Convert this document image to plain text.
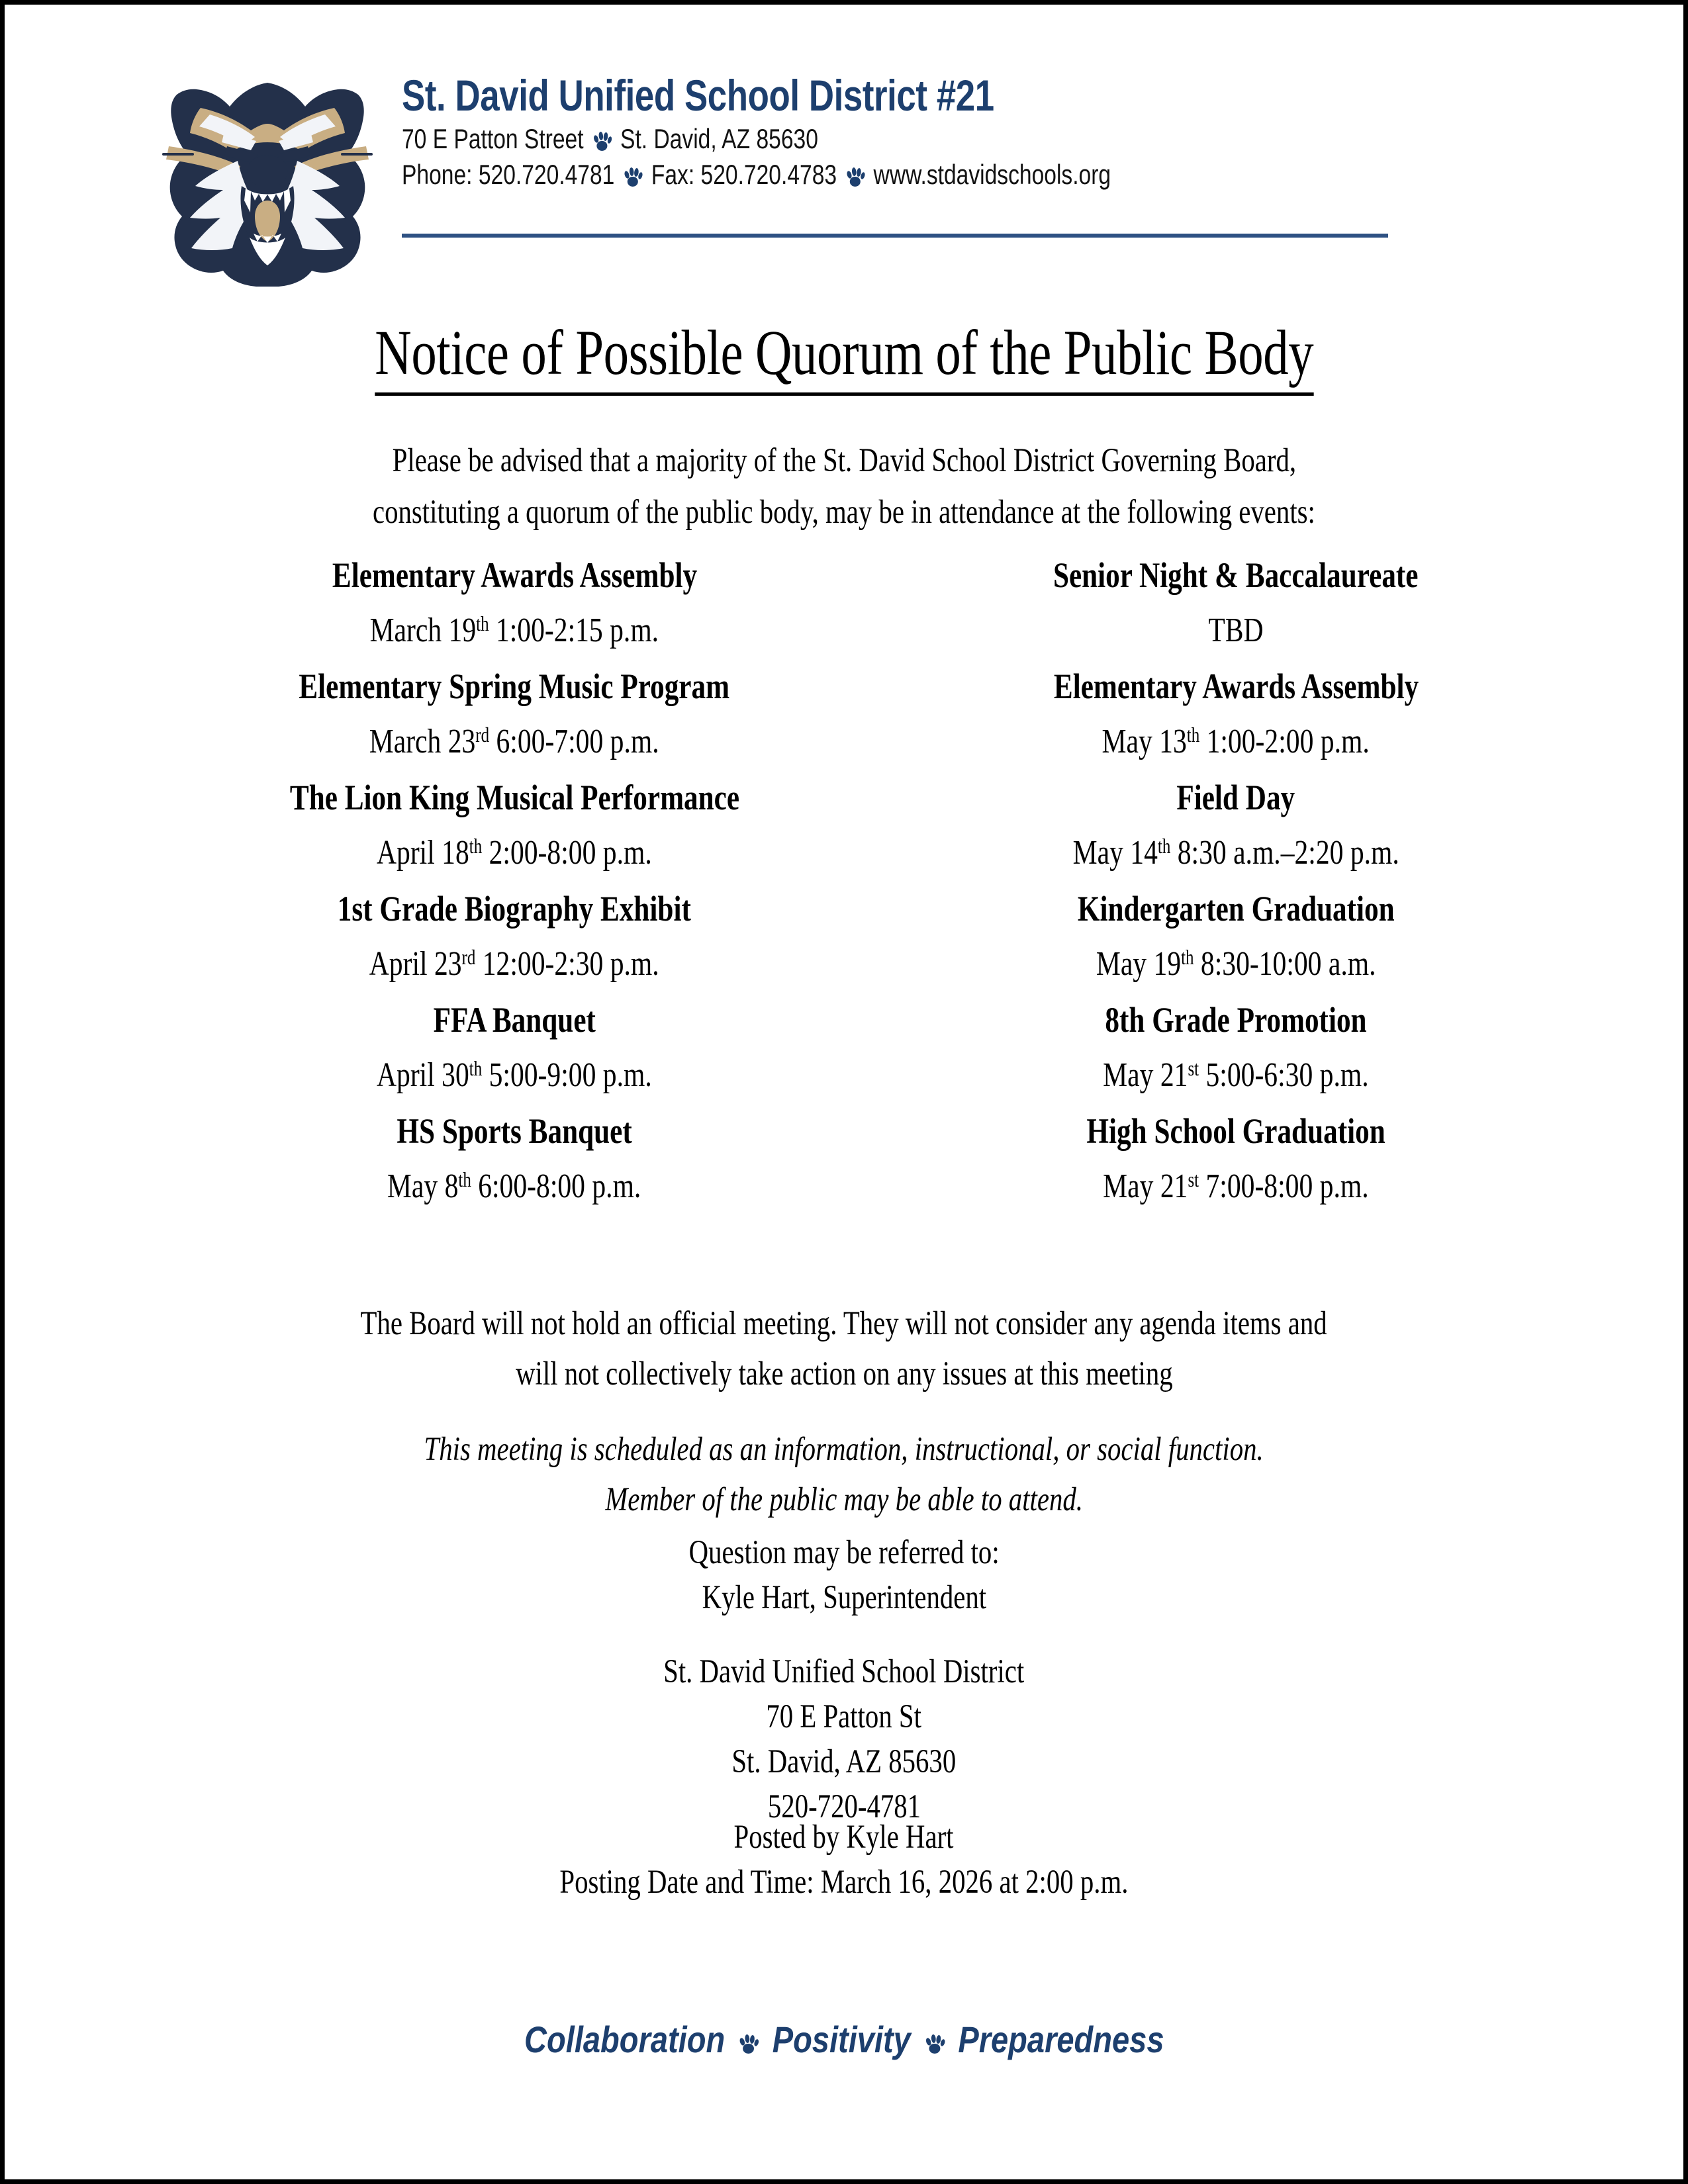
St. David Unified School District #21
70 E Patton Street St. David, AZ 85630
Phone: 520.720.4781 Fax: 520.720.4783 www.stdavidschools.org
Notice of Possible Quorum of the Public Body
Please be advised that a majority of the St. David School District Governing Board,
constituting a quorum of the public body, may be in attendance at the following events:
Elementary Awards Assembly
March 19th 1:00-2:15 p.m.
Senior Night & Baccalaureate
TBD
Elementary Spring Music Program
March 23rd 6:00-7:00 p.m.
Elementary Awards Assembly
May 13th 1:00-2:00 p.m.
The Lion King Musical Performance
April 18th 2:00-8:00 p.m.
Field Day
May 14th 8:30 a.m.–2:20 p.m.
1st Grade Biography Exhibit
April 23rd 12:00-2:30 p.m.
Kindergarten Graduation
May 19th 8:30-10:00 a.m.
FFA Banquet
April 30th 5:00-9:00 p.m.
8th Grade Promotion
May 21st 5:00-6:30 p.m.
HS Sports Banquet
May 8th 6:00-8:00 p.m.
High School Graduation
May 21st 7:00-8:00 p.m.
The Board will not hold an official meeting. They will not consider any agenda items and
will not collectively take action on any issues at this meeting
This meeting is scheduled as an information, instructional, or social function.
Member of the public may be able to attend.
Question may be referred to:
Kyle Hart, Superintendent
St. David Unified School District
70 E Patton St
St. David, AZ 85630
520-720-4781
Posted by Kyle Hart
Posting Date and Time: March 16, 2026 at 2:00 p.m.
Collaboration Positivity Preparedness
